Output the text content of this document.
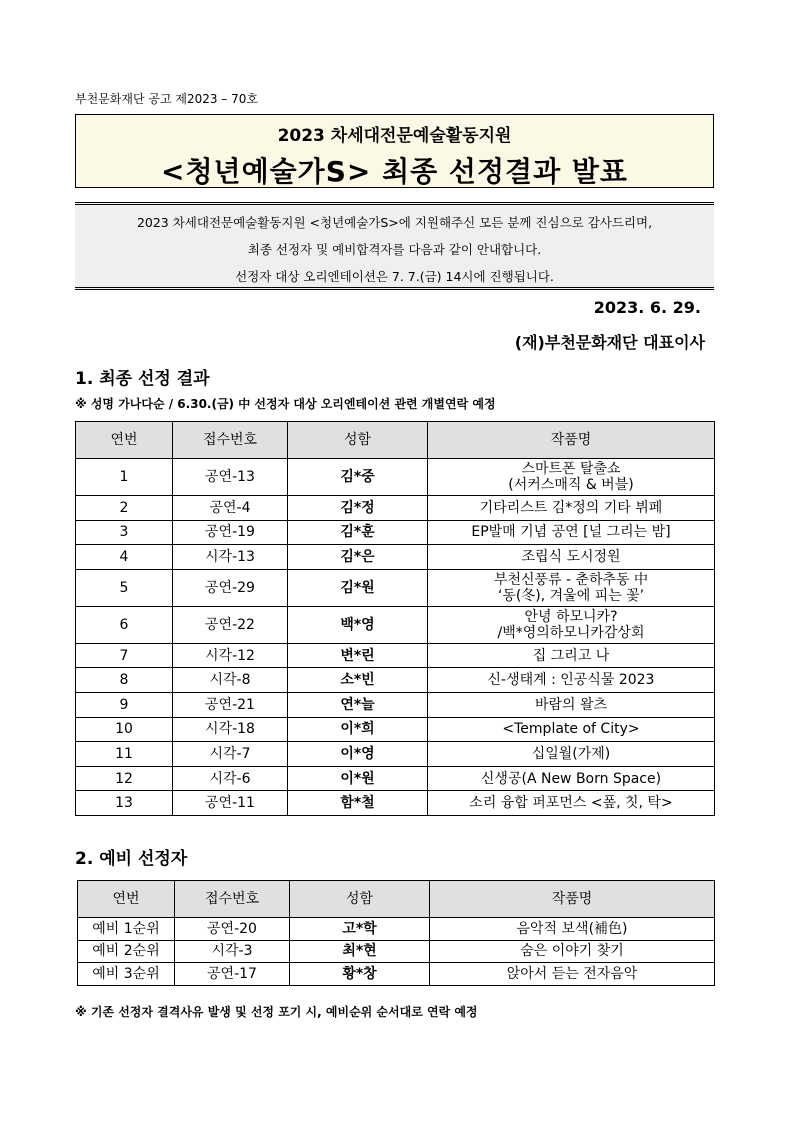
부천문화재단 공고 제2023 – 70호
2023 차세대전문예술활동지원
<청년예술가S> 최종 선정결과 발표
2023 차세대전문예술활동지원 <청년예술가S>에 지원해주신 모든 분께 진심으로 감사드리며,
최종 선정자 및 예비합격자를 다음과 같이 안내합니다.
선정자 대상 오리엔테이션은 7. 7.(금) 14시에 진행됩니다.
2023. 6. 29.
(재)부천문화재단 대표이사
1. 최종 선정 결과
※ 성명 가나다순 / 6.30.(금) 中 선정자 대상 오리엔테이션 관련 개별연락 예정
연번	접수번호	성함	작품명
1	공연-13	김*중	스마트폰 탈출쇼
(서커스매직 & 버블)

2	공연-4	김*정	기타리스트 김*정의 기타 뷔페

3	공연-19	김*훈	EP발매 기념 공연 [널 그리는 밤]

4	시각-13	김*은	조립식 도시정원

5	공연-29	김*원	부천신풍류 - 춘하추동 中
‘동(冬), 겨울에 피는 꽃’

6	공연-22	백*영	안녕 하모니카?
/백*영의하모니카감상회

7	시각-12	변*린	집 그리고 나

8	시각-8	소*빈	신-생태계 : 인공식물 2023

9	공연-21	연*늘	바람의 왈츠

10	시각-18	이*희	<Template of City>

11	시각-7	이*영	십일월(가제)

12	시각-6	이*원	신생공(A New Born Space)

13	공연-11	함*철	소리 융합 퍼포먼스 <퐆, 칫, 탁>
2. 예비 선정자
연번	접수번호	성함	작품명
예비 1순위	공연-20	고*학	음악적 보색(補色)

예비 2순위	시각-3	최*현	숨은 이야기 찾기

예비 3순위	공연-17	황*창	앉아서 듣는 전자음악
※ 기존 선정자 결격사유 발생 및 선정 포기 시, 예비순위 순서대로 연락 예정
